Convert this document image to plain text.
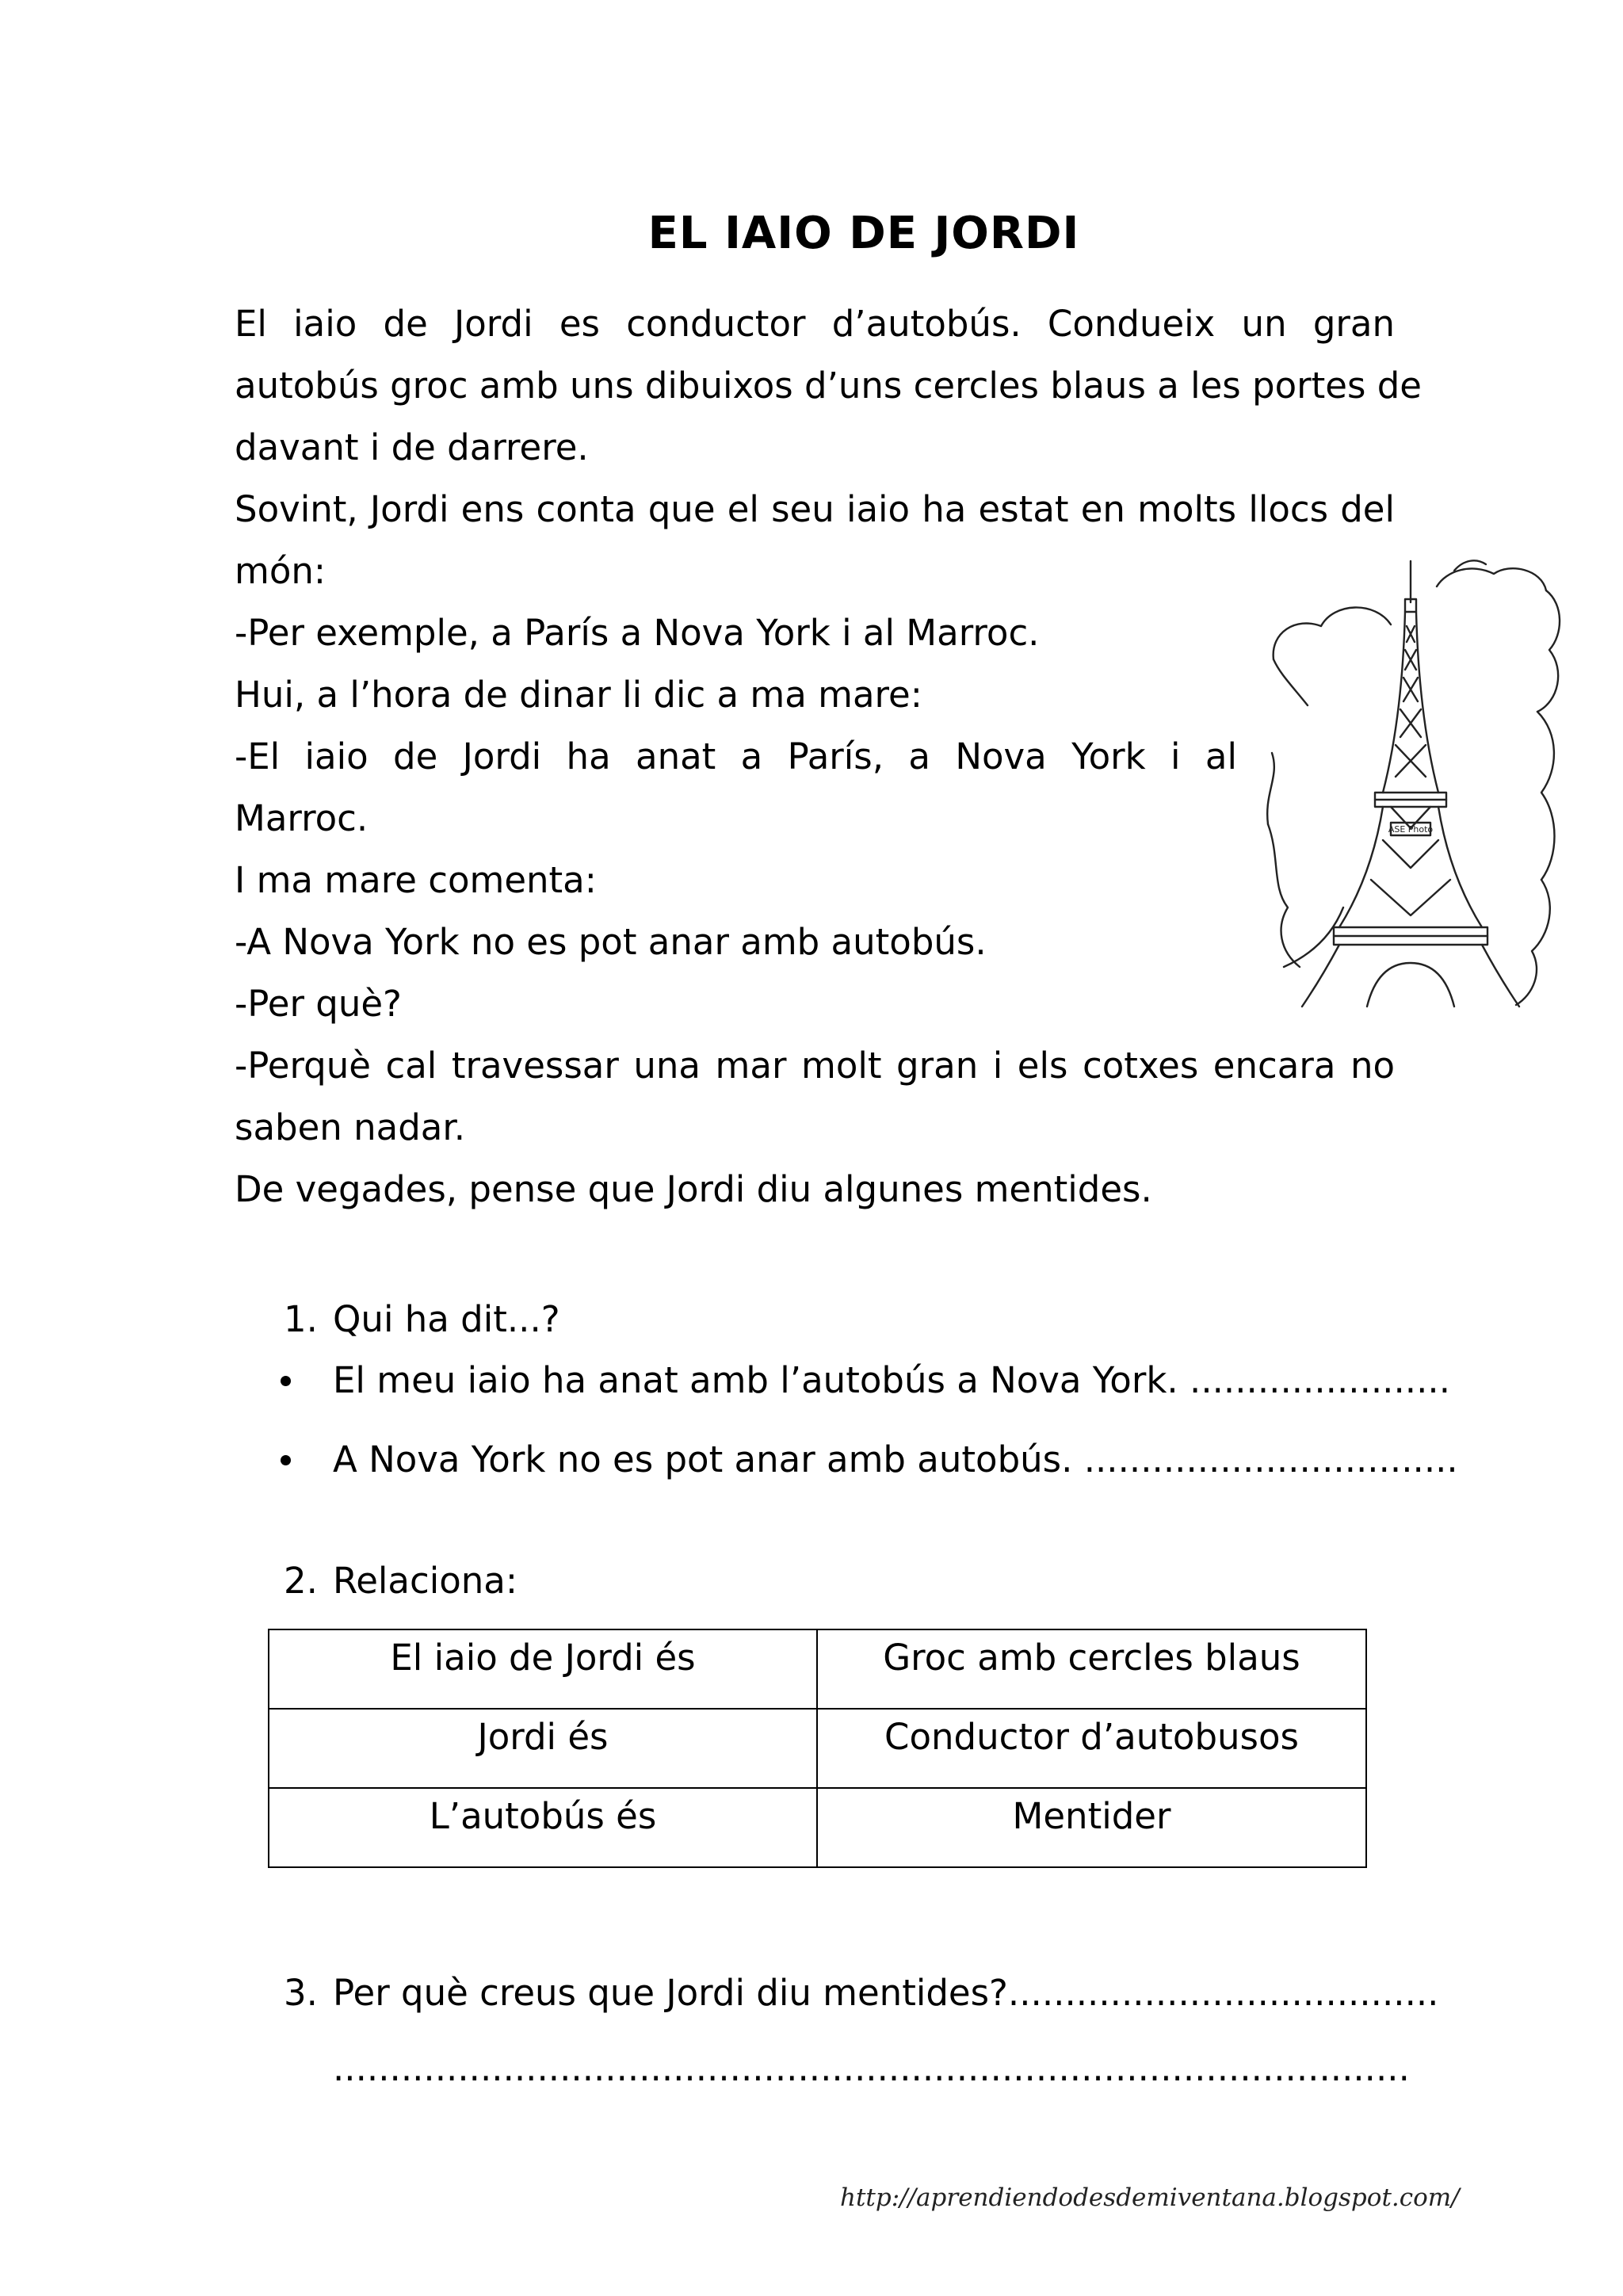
EL IAIO DE JORDI
El iaio de Jordi es conductor d’autobús. Condueix un gran
autobús groc amb uns dibuixos d’uns cercles blaus a les portes de
davant i de darrere.
Sovint, Jordi ens conta que el seu iaio ha estat en molts llocs del
món:
-Per exemple, a París a Nova York i al Marroc.
Hui, a l’hora de dinar li dic a ma mare:
-El iaio de Jordi ha anat a París, a Nova York i al
Marroc.
I ma mare comenta:
-A Nova York no es pot anar amb autobús.
-Per què?
-Perquè cal travessar una mar molt gran i els cotxes encara no
saben nadar.
De vegades, pense que Jordi diu algunes mentides.
ASE Photo
1. Qui ha dit...?
El meu iaio ha anat amb l’autobús a Nova York. .......................
A Nova York no es pot anar amb autobús. .................................
2. Relaciona:
El iaio de Jordi és	Groc amb cercles blaus
Jordi és	Conductor d’autobusos
L’autobús és	Mentider
3. Per què creus que Jordi diu mentides?......................................
...............................................................................................
http://aprendiendodesdemiventana.blogspot.com/
